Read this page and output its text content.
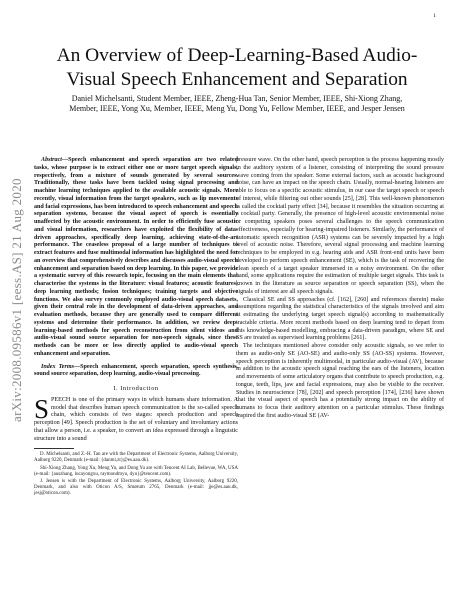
1
arXiv:2008.09586v1 [eess.AS] 21 Aug 2020
An Overview of Deep-Learning-Based Audio-Visual Speech Enhancement and Separation
Daniel Michelsanti, Student Member, IEEE, Zheng-Hua Tan, Senior Member, IEEE, Shi-Xiong Zhang, Member, IEEE, Yong Xu, Member, IEEE, Meng Yu, Dong Yu, Fellow Member, IEEE, and Jesper Jensen

Abstract—Speech enhancement and speech separation are two related tasks, whose purpose is to extract either one or more target speech signals, respectively, from a mixture of sounds generated by several sources. Traditionally, these tasks have been tackled using signal processing and machine learning techniques applied to the available acoustic signals. More recently, visual information from the target speakers, such as lip movements and facial expressions, has been introduced to speech enhancement and speech separation systems, because the visual aspect of speech is essentially unaffected by the acoustic environment. In order to efficiently fuse acoustic and visual information, researchers have exploited the flexibility of data-driven approaches, specifically deep learning, achieving state-of-the-art performance. The ceaseless proposal of a large number of techniques to extract features and fuse multimodal information has highlighted the need for an overview that comprehensively describes and discusses audio-visual speech enhancement and separation based on deep learning. In this paper, we provide a systematic survey of this research topic, focusing on the main elements that characterise the systems in the literature: visual features; acoustic features; deep learning methods; fusion techniques; training targets and objective functions. We also survey commonly employed audio-visual speech datasets, given their central role in the development of data-driven approaches, and evaluation methods, because they are generally used to compare different systems and determine their performance. In addition, we review deep-learning-based methods for speech reconstruction from silent videos and audio-visual sound source separation for non-speech signals, since these methods can be more or less directly applied to audio-visual speech enhancement and separation.

Index Terms—Speech enhancement, speech separation, speech synthesis, sound source separation, deep learning, audio-visual processing.

I. Introduction

SPEECH is one of the primary ways in which humans share information. A model that describes human speech communication is the so-called speech chain, which consists of two stages: speech production and speech perception [49]. Speech production is the set of voluntary and involuntary actions that allow a person, i.e. a speaker, to convert an idea expressed through a linguistic structure into a sound

D. Michelsanti, and Z.-H. Tan are with the Department of Electronic Systems, Aalborg University, Aalborg 9220, Denmark (e-mail: {danmi,zt}@es.aau.dk).

Shi-Xiong Zhang, Yong Xu, Meng Yu, and Dong Yu are with Tencent AI Lab, Bellevue, WA, USA (e-mail: {auszhang, lucayongxu, raymondmyu, dyu}@tencent.com).

J. Jensen is with the Department of Electronic Systems, Aalborg University, Aalborg 9220, Denmark, and also with Oticon A/S, Smørum 2765, Denmark (e-mail: jje@es.aau.dk, jesj@oticon.com).

pressure wave. On the other hand, speech perception is the process happening mostly in the auditory system of a listener, consisting of interpreting the sound pressure wave coming from the speaker. Some external factors, such as acoustic background noise, can have an impact on the speech chain. Usually, normal-hearing listeners are able to focus on a specific acoustic stimulus, in our case the target speech or speech of interest, while filtering out other sounds [25], [28]. This well-known phenomenon is called the cocktail party effect [34], because it resembles the situation occurring at a cocktail party. Generally, the presence of high-level acoustic environmental noise or competing speakers poses several challenges to the speech communication effectiveness, especially for hearing-impaired listeners. Similarly, the performance of automatic speech recognition (ASR) systems can be severely impacted by a high level of acoustic noise. Therefore, several signal processing and machine learning techniques to be employed in e.g. hearing aids and ASR front-end units have been developed to perform speech enhancement (SE), which is the task of recovering the clean speech of a target speaker immersed in a noisy environment. On the other hand, some applications require the estimation of multiple target signals. This task is known in the literature as source separation or speech separation (SS), when the signals of interest are all speech signals.

Classical SE and SS approaches (cf. [162], [260] and references therein) make assumptions regarding the statistical characteristics of the signals involved and aim at estimating the underlying target speech signal(s) according to mathematically tractable criteria. More recent methods based on deep learning tend to depart from this knowledge-based modelling, embracing a data-driven paradigm, where SE and SS are treated as supervised learning problems [261].

The techniques mentioned above consider only acoustic signals, so we refer to them as audio-only SE (AO-SE) and audio-only SS (AO-SS) systems. However, speech perception is inherently multimodal, in particular audio-visual (AV), because in addition to the acoustic speech signal reaching the ears of the listeners, location and movements of some articulatory organs that contribute to speech production, e.g. tongue, teeth, lips, jaw and facial expressions, may also be visible to the receiver. Studies in neuroscience [78], [202] and speech perception [174], [236] have shown that the visual aspect of speech has a potentially strong impact on the ability of humans to focus their auditory attention on a particular stimulus. These findings inspired the first audio-visual SE (AV-
